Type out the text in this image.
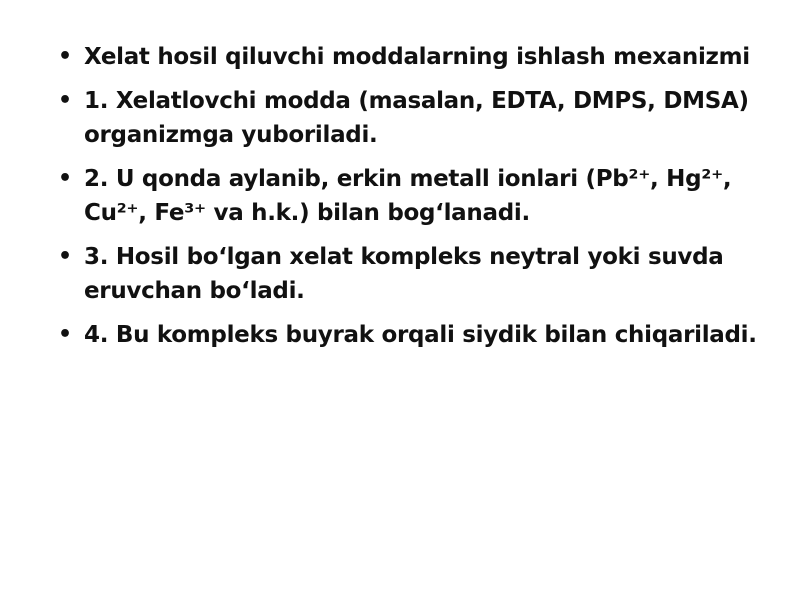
• Xelat hosil qiluvchi moddalarning ishlash mexanizmi
• 1. Xelatlovchi modda (masalan, EDTA, DMPS, DMSA) organizmga yuboriladi.
• 2. U qonda aylanib, erkin metall ionlari (Pb²⁺, Hg²⁺, Cu²⁺, Fe³⁺ va h.k.) bilan bog‘lanadi.
• 3. Hosil bo‘lgan xelat kompleks neytral yoki suvda eruvchan bo‘ladi.
• 4. Bu kompleks buyrak orqali siydik bilan chiqariladi.
